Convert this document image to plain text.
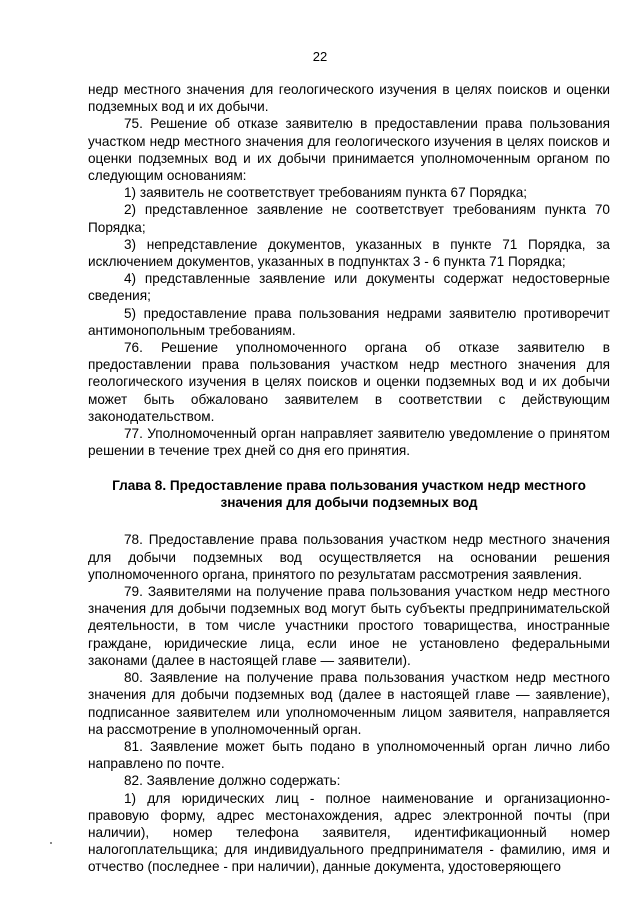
22

недр местного значения для геологического изучения в целях поисков и оценки подземных вод и их добычи.

75. Решение об отказе заявителю в предоставлении права пользования участком недр местного значения для геологического изучения в целях поисков и оценки подземных вод и их добычи принимается уполномоченным органом по следующим основаниям:

1) заявитель не соответствует требованиям пункта 67 Порядка;

2) представленное заявление не соответствует требованиям пункта 70 Порядка;

3) непредставление документов, указанных в пункте 71 Порядка, за исключением документов, указанных в подпунктах 3 - 6 пункта 71 Порядка;

4) представленные заявление или документы содержат недостоверные сведения;

5) предоставление права пользования недрами заявителю противоречит антимонопольным требованиям.

76. Решение уполномоченного органа об отказе заявителю в предоставлении права пользования участком недр местного значения для геологического изучения в целях поисков и оценки подземных вод и их добычи может быть обжаловано заявителем в соответствии с действующим законодательством.

77. Уполномоченный орган направляет заявителю уведомление о принятом решении в течение трех дней со дня его принятия.

Глава 8. Предоставление права пользования участком недр местного
значения для добычи подземных вод

78. Предоставление права пользования участком недр местного значения для добычи подземных вод осуществляется на основании решения уполномоченного органа, принятого по результатам рассмотрения заявления.

79. Заявителями на получение права пользования участком недр местного значения для добычи подземных вод могут быть субъекты предпринимательской деятельности, в том числе участники простого товарищества, иностранные граждане, юридические лица, если иное не установлено федеральными законами (далее в настоящей главе — заявители).

80. Заявление на получение права пользования участком недр местного значения для добычи подземных вод (далее в настоящей главе — заявление), подписанное заявителем или уполномоченным лицом заявителя, направляется на рассмотрение в уполномоченный орган.

81. Заявление может быть подано в уполномоченный орган лично либо направлено по почте.

82. Заявление должно содержать:

1) для юридических лиц - полное наименование и организационно-правовую форму, адрес местонахождения, адрес электронной почты (при наличии), номер телефона заявителя, идентификационный номер налогоплательщика; для индивидуального предпринимателя - фамилию, имя и отчество (последнее - при наличии), данные документа, удостоверяющего
